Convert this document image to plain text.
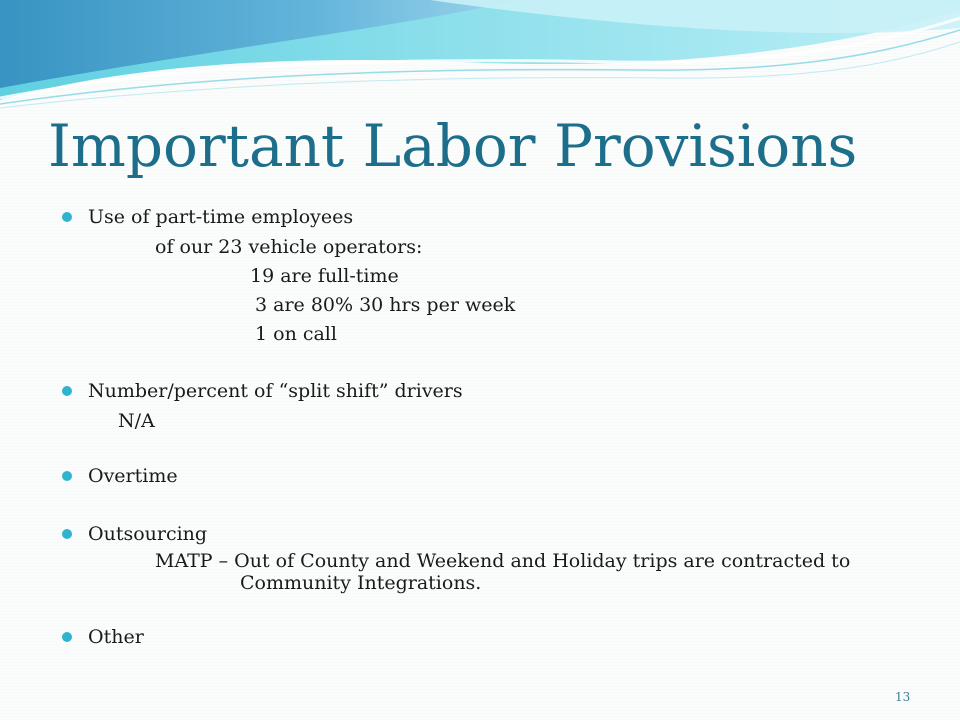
Important Labor Provisions
Use of part-time employees
of our 23 vehicle operators:
19 are full-time
3 are 80% 30 hrs per week
1 on call
Number/percent of “split shift” drivers
N/A
Overtime
Outsourcing
MATP – Out of County and Weekend and Holiday trips are contracted to
Community Integrations.
Other
13
